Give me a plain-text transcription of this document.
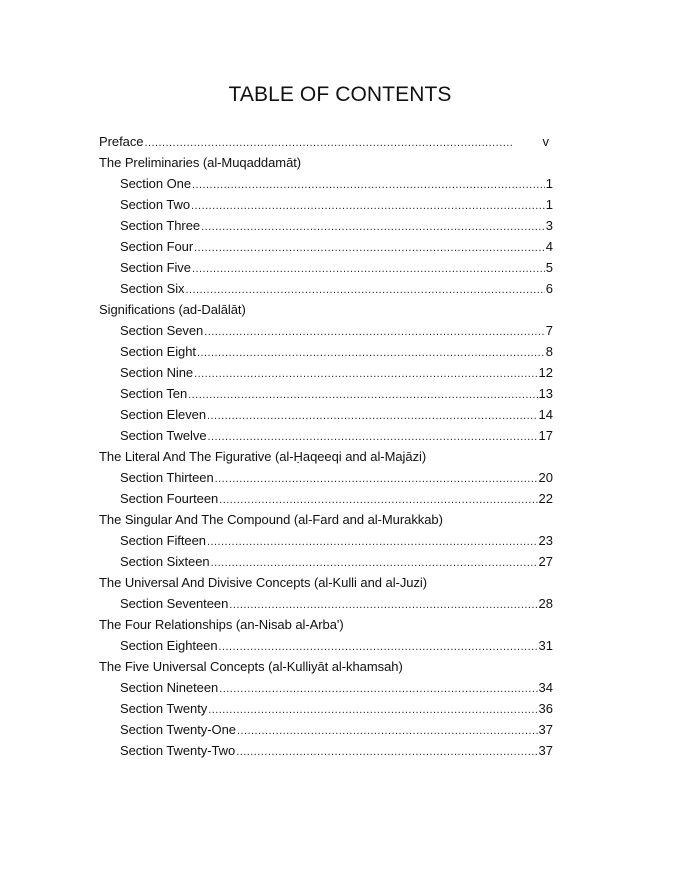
TABLE OF CONTENTS
Preface . . .	v
The Preliminaries (al-Muqaddamāt)
Section One . . .	1
Section Two . . .	1
Section Three . . .	3
Section Four . . .	4
Section Five . . .	5
Section Six . . .	6
Significations (ad-Dalālāt)
Section Seven . . .	7
Section Eight . . .	8
Section Nine . . .	12
Section Ten . . .	13
Section Eleven . . .	14
Section Twelve . . .	17
The Literal And The Figurative (al-Ḥaqeeqi and al-Majāzi)
Section Thirteen . . .	20
Section Fourteen . . .	22
The Singular And The Compound (al-Fard and al-Murakkab)
Section Fifteen . . .	23
Section Sixteen . . .	27
The Universal And Divisive Concepts (al-Kulli and al-Juzi)
Section Seventeen . . .	28
The Four Relationships (an-Nisab al-Arba')
Section Eighteen . . .	31
The Five Universal Concepts (al-Kulliyāt al-khamsah)
Section Nineteen . . .	34
Section Twenty . . .	36
Section Twenty-One . . .	37
Section Twenty-Two . . .	37
